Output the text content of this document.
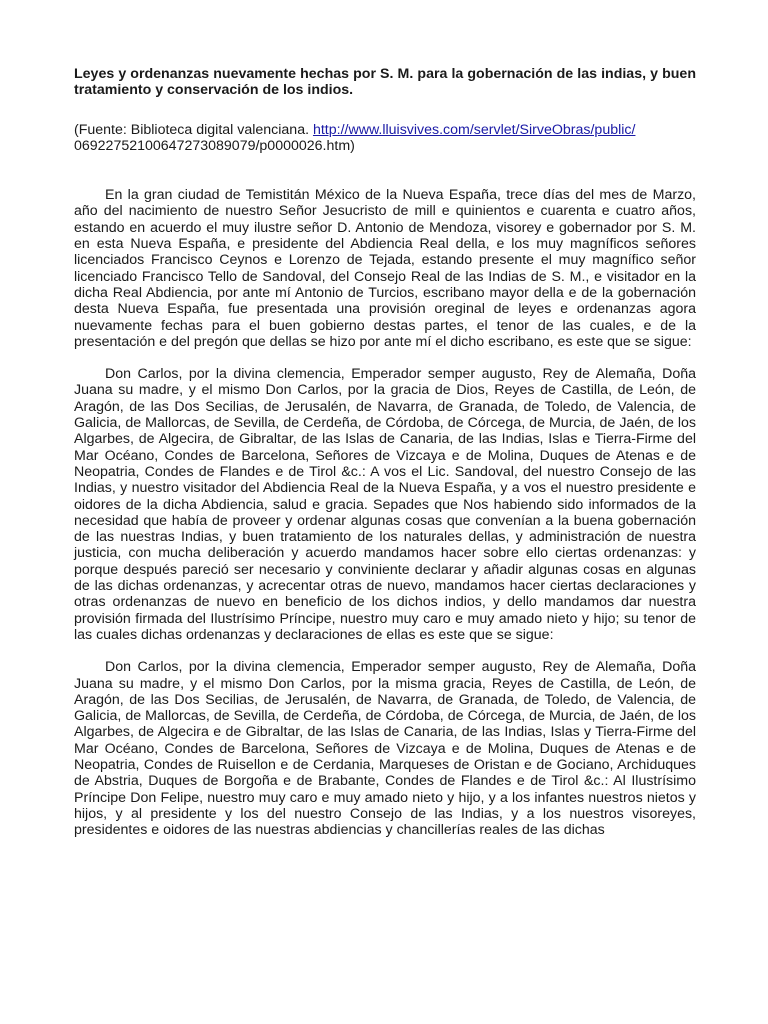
Leyes y ordenanzas nuevamente hechas por S. M. para la gobernación de las indias, y buen tratamiento y conservación de los indios.

(Fuente: Biblioteca digital valenciana. http://www.lluisvives.com/servlet/SirveObras/public/
06922752100647273089079/p0000026.htm)

En la gran ciudad de Temistitán México de la Nueva España, trece días del mes de Marzo, año del nacimiento de nuestro Señor Jesucristo de mill e quinientos e cuarenta e cuatro años, estando en acuerdo el muy ilustre señor D. Antonio de Mendoza, visorey e gobernador por S. M. en esta Nueva España, e presidente del Abdiencia Real della, e los muy magníficos señores licenciados Francisco Ceynos e Lorenzo de Tejada, estando presente el muy magnífico señor licenciado Francisco Tello de Sandoval, del Consejo Real de las Indias de S. M., e visitador en la dicha Real Abdiencia, por ante mí Antonio de Turcios, escribano mayor della e de la gobernación desta Nueva España, fue presentada una provisión oreginal de leyes e ordenanzas agora nuevamente fechas para el buen gobierno destas partes, el tenor de las cuales, e de la presentación e del pregón que dellas se hizo por ante mí el dicho escribano, es este que se sigue:

Don Carlos, por la divina clemencia, Emperador semper augusto, Rey de Alemaña, Doña Juana su madre, y el mismo Don Carlos, por la gracia de Dios, Reyes de Castilla, de León, de Aragón, de las Dos Secilias, de Jerusalén, de Navarra, de Granada, de Toledo, de Valencia, de Galicia, de Mallorcas, de Sevilla, de Cerdeña, de Córdoba, de Córcega, de Murcia, de Jaén, de los Algarbes, de Algecira, de Gibraltar, de las Islas de Canaria, de las Indias, Islas e Tierra-Firme del Mar Océano, Condes de Barcelona, Señores de Vizcaya e de Molina, Duques de Atenas e de Neopatria, Condes de Flandes e de Tirol &c.: A vos el Lic. Sandoval, del nuestro Consejo de las Indias, y nuestro visitador del Abdiencia Real de la Nueva España, y a vos el nuestro presidente e oidores de la dicha Abdiencia, salud e gracia. Sepades que Nos habiendo sido informados de la necesidad que había de proveer y ordenar algunas cosas que convenían a la buena gobernación de las nuestras Indias, y buen tratamiento de los naturales dellas, y administración de nuestra justicia, con mucha deliberación y acuerdo mandamos hacer sobre ello ciertas ordenanzas: y porque después pareció ser necesario y conviniente declarar y añadir algunas cosas en algunas de las dichas ordenanzas, y acrecentar otras de nuevo, mandamos hacer ciertas declaraciones y otras ordenanzas de nuevo en beneficio de los dichos indios, y dello mandamos dar nuestra provisión firmada del Ilustrísimo Príncipe, nuestro muy caro e muy amado nieto y hijo; su tenor de las cuales dichas ordenanzas y declaraciones de ellas es este que se sigue:

Don Carlos, por la divina clemencia, Emperador semper augusto, Rey de Alemaña, Doña Juana su madre, y el mismo Don Carlos, por la misma gracia, Reyes de Castilla, de León, de Aragón, de las Dos Secilias, de Jerusalén, de Navarra, de Granada, de Toledo, de Valencia, de Galicia, de Mallorcas, de Sevilla, de Cerdeña, de Córdoba, de Córcega, de Murcia, de Jaén, de los Algarbes, de Algecira e de Gibraltar, de las Islas de Canaria, de las Indias, Islas y Tierra-Firme del Mar Océano, Condes de Barcelona, Señores de Vizcaya e de Molina, Duques de Atenas e de Neopatria, Condes de Ruisellon e de Cerdania, Marqueses de Oristan e de Gociano, Archiduques de Abstria, Duques de Borgoña e de Brabante, Condes de Flandes e de Tirol &c.: Al Ilustrísimo Príncipe Don Felipe, nuestro muy caro e muy amado nieto y hijo, y a los infantes nuestros nietos y hijos, y al presidente y los del nuestro Consejo de las Indias, y a los nuestros visoreyes, presidentes e oidores de las nuestras abdiencias y chancillerías reales de las dichas
